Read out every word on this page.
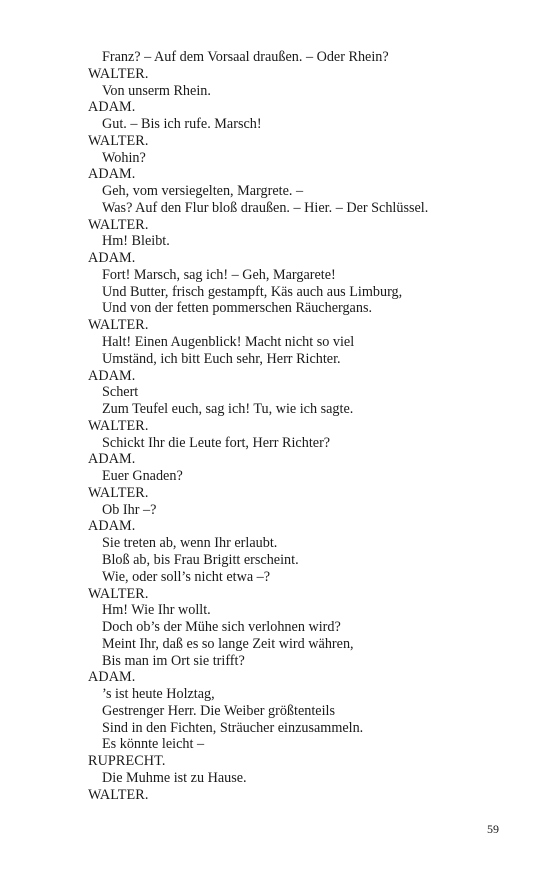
Franz? – Auf dem Vorsaal draußen. – Oder Rhein?
WALTER.
Von unserm Rhein.
ADAM.
Gut. – Bis ich rufe. Marsch!
WALTER.
Wohin?
ADAM.
Geh, vom versiegelten, Margrete. –
Was? Auf den Flur bloß draußen. – Hier. – Der Schlüssel.
WALTER.
Hm! Bleibt.
ADAM.
Fort! Marsch, sag ich! – Geh, Margarete!
Und Butter, frisch gestampft, Käs auch aus Limburg,
Und von der fetten pommerschen Räuchergans.
WALTER.
Halt! Einen Augenblick! Macht nicht so viel
Umständ, ich bitt Euch sehr, Herr Richter.
ADAM.
Schert
Zum Teufel euch, sag ich! Tu, wie ich sagte.
WALTER.
Schickt Ihr die Leute fort, Herr Richter?
ADAM.
Euer Gnaden?
WALTER.
Ob Ihr –?
ADAM.
Sie treten ab, wenn Ihr erlaubt.
Bloß ab, bis Frau Brigitt erscheint.
Wie, oder soll’s nicht etwa –?
WALTER.
Hm! Wie Ihr wollt.
Doch ob’s der Mühe sich verlohnen wird?
Meint Ihr, daß es so lange Zeit wird währen,
Bis man im Ort sie trifft?
ADAM.
’s ist heute Holztag,
Gestrenger Herr. Die Weiber größtenteils
Sind in den Fichten, Sträucher einzusammeln.
Es könnte leicht –
RUPRECHT.
Die Muhme ist zu Hause.
WALTER.
59
